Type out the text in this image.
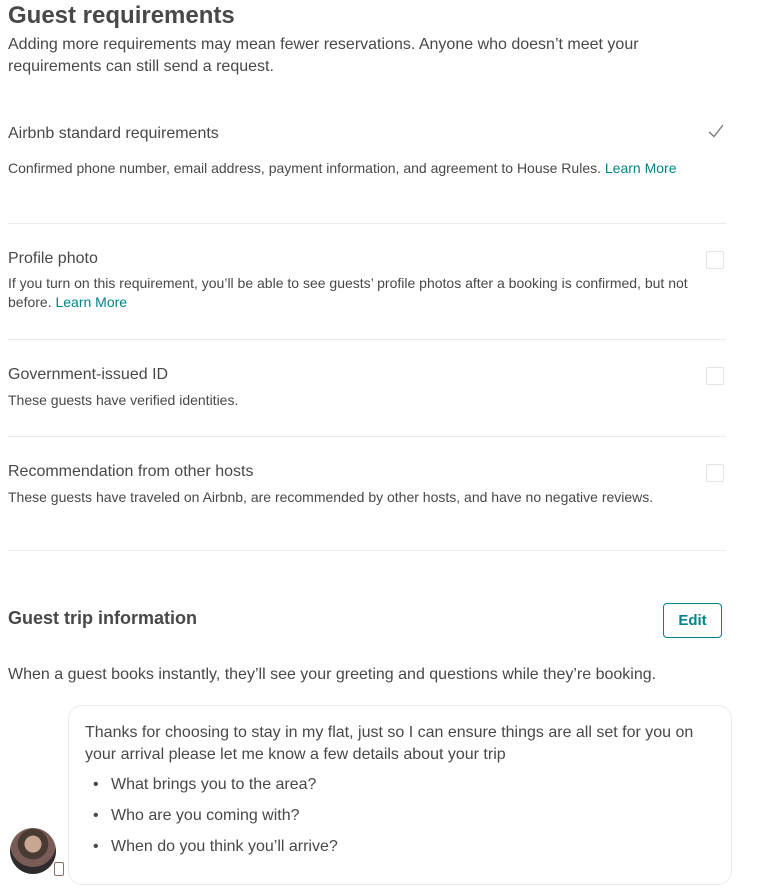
Guest requirements
Adding more requirements may mean fewer reservations. Anyone who doesn’t meet your requirements can still send a request.
Airbnb standard requirements
Confirmed phone number, email address, payment information, and agreement to House Rules. Learn More
Profile photo
If you turn on this requirement, you’ll be able to see guests’ profile photos after a booking is confirmed, but not before. Learn More
Government-issued ID
These guests have verified identities.
Recommendation from other hosts
These guests have traveled on Airbnb, are recommended by other hosts, and have no negative reviews.
Guest trip information	Edit
When a guest books instantly, they’ll see your greeting and questions while they’re booking.
Thanks for choosing to stay in my flat, just so I can ensure things are all set for you on your arrival please let me know a few details about your trip
• What brings you to the area?
• Who are you coming with?
• When do you think you’ll arrive?
